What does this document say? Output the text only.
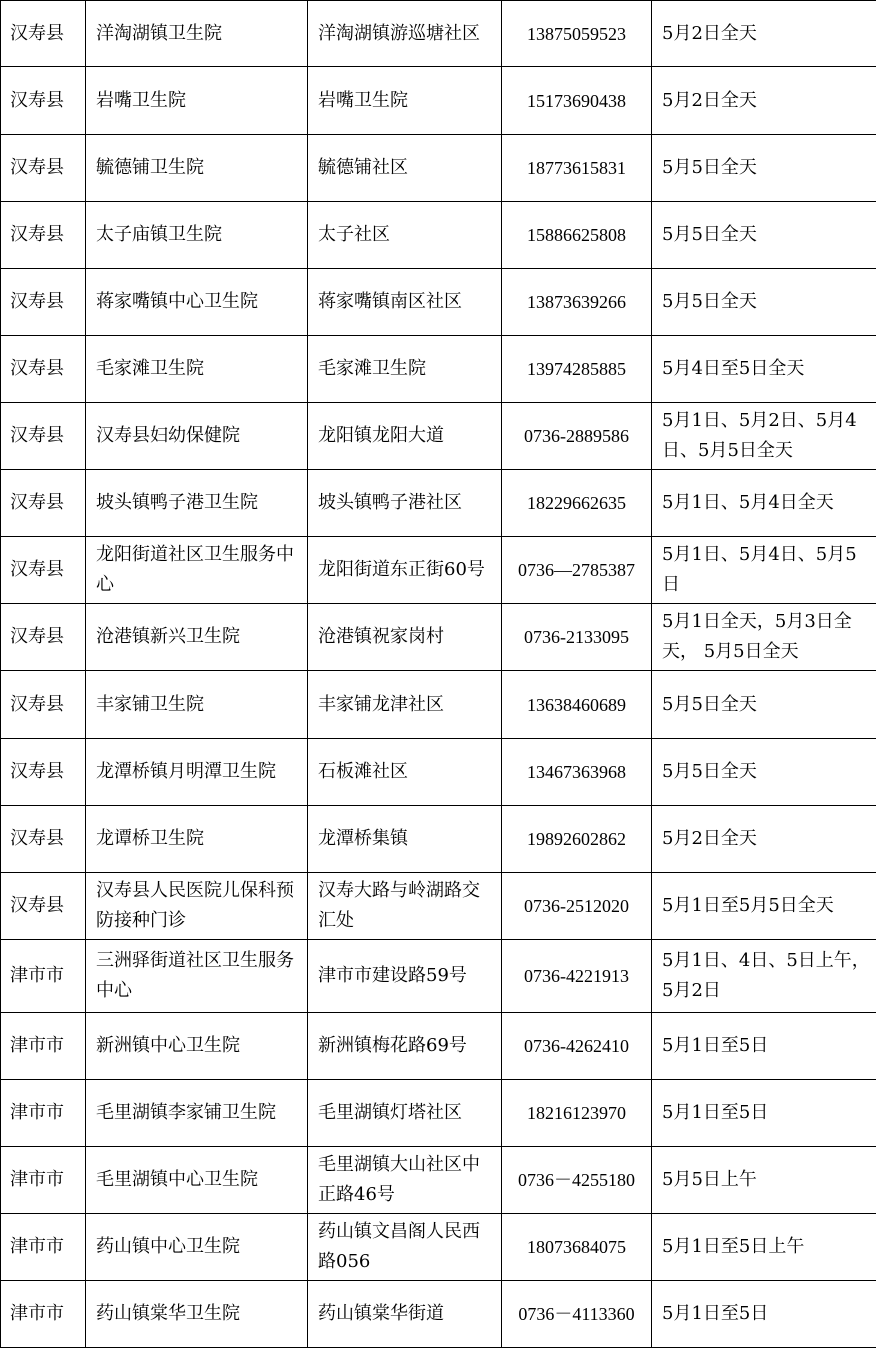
汉寿县	洋淘湖镇卫生院	洋淘湖镇游巡塘社区	13875059523	5月2日全天
汉寿县	岩嘴卫生院	岩嘴卫生院	15173690438	5月2日全天
汉寿县	毓德铺卫生院	毓德铺社区	18773615831	5月5日全天
汉寿县	太子庙镇卫生院	太子社区	15886625808	5月5日全天
汉寿县	蒋家嘴镇中心卫生院	蒋家嘴镇南区社区	13873639266	5月5日全天
汉寿县	毛家滩卫生院	毛家滩卫生院	13974285885	5月4日至5日全天
汉寿县	汉寿县妇幼保健院	龙阳镇龙阳大道	0736-2889586	5月1日、5月2日、5月4日、5月5日全天
汉寿县	坡头镇鸭子港卫生院	坡头镇鸭子港社区	18229662635	5月1日、5月4日全天
汉寿县	龙阳街道社区卫生服务中心	龙阳街道东正街60号	0736—2785387	5月1日、5月4日、5月5日
汉寿县	沧港镇新兴卫生院	沧港镇祝家岗村	0736-2133095	5月1日全天，5月3日全天， 5月5日全天
汉寿县	丰家铺卫生院	丰家铺龙津社区	13638460689	5月5日全天
汉寿县	龙潭桥镇月明潭卫生院	石板滩社区	13467363968	5月5日全天
汉寿县	龙谭桥卫生院	龙潭桥集镇	19892602862	5月2日全天
汉寿县	汉寿县人民医院儿保科预防接种门诊	汉寿大路与岭湖路交汇处	0736-2512020	5月1日至5月5日全天
津市市	三洲驿街道社区卫生服务中心	津市市建设路59号	0736-4221913	5月1日、4日、5日上午，5月2日
津市市	新洲镇中心卫生院	新洲镇梅花路69号	0736-4262410	5月1日至5日
津市市	毛里湖镇李家铺卫生院	毛里湖镇灯塔社区	18216123970	5月1日至5日
津市市	毛里湖镇中心卫生院	毛里湖镇大山社区中正路46号	0736－4255180	5月5日上午
津市市	药山镇中心卫生院	药山镇文昌阁人民西路056	18073684075	5月1日至5日上午
津市市	药山镇棠华卫生院	药山镇棠华街道	0736－4113360	5月1日至5日
